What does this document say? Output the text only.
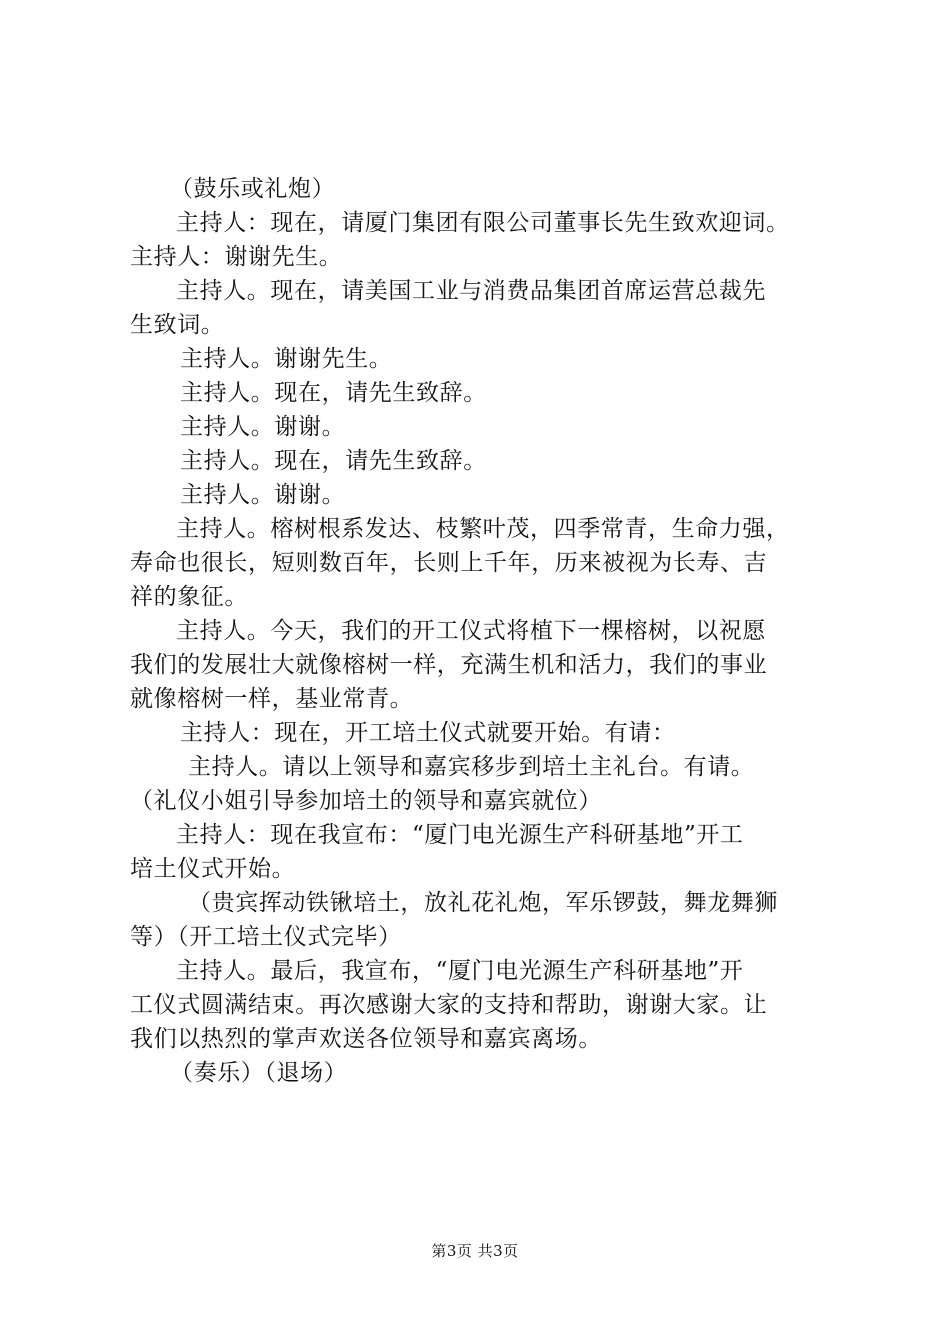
（鼓乐或礼炮）
主持人：现在，请厦门集团有限公司董事长先生致欢迎词。
主持人：谢谢先生。
主持人。现在，请美国工业与消费品集团首席运营总裁先
生致词。
主持人。谢谢先生。
主持人。现在，请先生致辞。
主持人。谢谢。
主持人。现在，请先生致辞。
主持人。谢谢。
主持人。榕树根系发达、枝繁叶茂，四季常青，生命力强，
寿命也很长，短则数百年，长则上千年，历来被视为长寿、吉
祥的象征。
主持人。今天，我们的开工仪式将植下一棵榕树，以祝愿
我们的发展壮大就像榕树一样，充满生机和活力，我们的事业
就像榕树一样，基业常青。
主持人：现在，开工培土仪式就要开始。有请：
主持人。请以上领导和嘉宾移步到培土主礼台。有请。
（礼仪小姐引导参加培土的领导和嘉宾就位）
主持人：现在我宣布：“厦门电光源生产科研基地”开工
培土仪式开始。
（贵宾挥动铁锹培土，放礼花礼炮，军乐锣鼓，舞龙舞狮
等）（开工培土仪式完毕）
主持人。最后，我宣布，“厦门电光源生产科研基地”开
工仪式圆满结束。再次感谢大家的支持和帮助，谢谢大家。让
我们以热烈的掌声欢送各位领导和嘉宾离场。
（奏乐）（退场）
第3页 共3页
